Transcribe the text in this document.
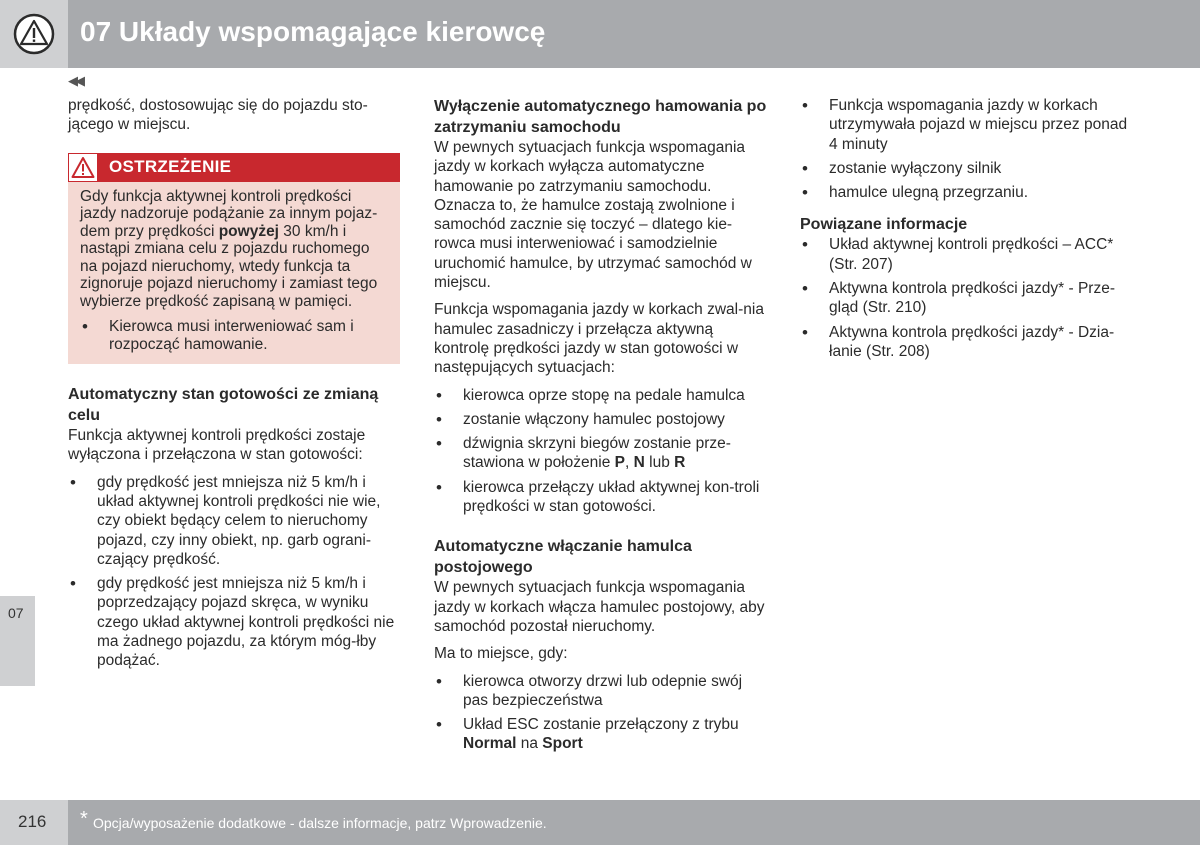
07 Układy wspomagające kierowcę
◀◀
07

prędkość, dostosowując się do pojazdu sto-jącego w miejscu.

OSTRZEŻENIE

Gdy funkcja aktywnej kontroli prędkości jazdy nadzoruje podążanie za innym pojaz-dem przy prędkości powyżej 30 km/h i nastąpi zmiana celu z pojazdu ruchomego na pojazd nieruchomy, wtedy funkcja ta zignoruje pojazd nieruchomy i zamiast tego wybierze prędkość zapisaną w pamięci.

• Kierowca musi interweniować sam i rozpocząć hamowanie.
Automatyczny stan gotowości ze zmianą celu

Funkcja aktywnej kontroli prędkości zostaje wyłączona i przełączona w stan gotowości:

• gdy prędkość jest mniejsza niż 5 km/h i układ aktywnej kontroli prędkości nie wie, czy obiekt będący celem to nieruchomy pojazd, czy inny obiekt, np. garb ograni-czający prędkość.
• gdy prędkość jest mniejsza niż 5 km/h i poprzedzający pojazd skręca, w wyniku czego układ aktywnej kontroli prędkości nie ma żadnego pojazdu, za którym móg-łby podążać.
Wyłączenie automatycznego hamowania po zatrzymaniu samochodu

W pewnych sytuacjach funkcja wspomagania jazdy w korkach wyłącza automatyczne hamowanie po zatrzymaniu samochodu. Oznacza to, że hamulce zostają zwolnione i samochód zacznie się toczyć – dlatego kie-rowca musi interweniować i samodzielnie uruchomić hamulce, by utrzymać samochód w miejscu.

Funkcja wspomagania jazdy w korkach zwal-nia hamulec zasadniczy i przełącza aktywną kontrolę prędkości jazdy w stan gotowości w następujących sytuacjach:

• kierowca oprze stopę na pedale hamulca
• zostanie włączony hamulec postojowy
• dźwignia skrzyni biegów zostanie prze-stawiona w położenie P, N lub R
• kierowca przełączy układ aktywnej kon-troli prędkości w stan gotowości.
Automatyczne włączanie hamulca postojowego

W pewnych sytuacjach funkcja wspomagania jazdy w korkach włącza hamulec postojowy, aby samochód pozostał nieruchomy.

Ma to miejsce, gdy:

• kierowca otworzy drzwi lub odepnie swój pas bezpieczeństwa
• Układ ESC zostanie przełączony z trybu Normal na Sport
• Funkcja wspomagania jazdy w korkach utrzymywała pojazd w miejscu przez ponad 4 minuty
• zostanie wyłączony silnik
• hamulce ulegną przegrzaniu.
Powiązane informacje
• Układ aktywnej kontroli prędkości – ACC* (Str. 207)
• Aktywna kontrola prędkości jazdy* - Prze-gląd (Str. 210)
• Aktywna kontrola prędkości jazdy* - Dzia-łanie (Str. 208)
216 * Opcja/wyposażenie dodatkowe - dalsze informacje, patrz Wprowadzenie.
